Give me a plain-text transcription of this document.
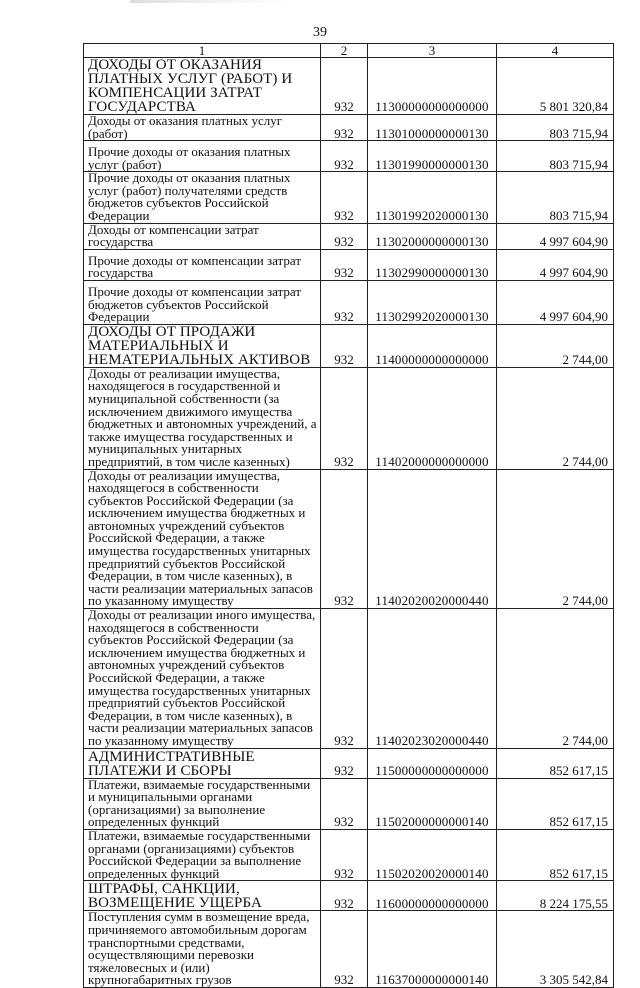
39
1	2	3	4
ДОХОДЫ ОТ ОКАЗАНИЯ ПЛАТНЫХ УСЛУГ (РАБОТ) И КОМПЕНСАЦИИ ЗАТРАТ ГОСУДАРСТВА	932	11300000000000000	5 801 320,84
Доходы от оказания платных услуг (работ)	932	11301000000000130	803 715,94
Прочие доходы от оказания платных услуг (работ)	932	11301990000000130	803 715,94
Прочие доходы от оказания платных услуг (работ) получателями средств бюджетов субъектов Российской Федерации	932	11301992020000130	803 715,94
Доходы от компенсации затрат государства	932	11302000000000130	4 997 604,90
Прочие доходы от компенсации затрат государства	932	11302990000000130	4 997 604,90
Прочие доходы от компенсации затрат бюджетов субъектов Российской Федерации	932	11302992020000130	4 997 604,90
ДОХОДЫ ОТ ПРОДАЖИ МАТЕРИАЛЬНЫХ И НЕМАТЕРИАЛЬНЫХ АКТИВОВ	932	11400000000000000	2 744,00
Доходы от реализации имущества, находящегося в государственной и муниципальной собственности (за исключением движимого имущества бюджетных и автономных учреждений, а также имущества государственных и муниципальных унитарных предприятий, в том числе казенных)	932	11402000000000000	2 744,00
Доходы от реализации имущества, находящегося в собственности субъектов Российской Федерации (за исключением имущества бюджетных и автономных учреждений субъектов Российской Федерации, а также имущества государственных унитарных предприятий субъектов Российской Федерации, в том числе казенных), в части реализации материальных запасов по указанному имуществу	932	11402020020000440	2 744,00
Доходы от реализации иного имущества, находящегося в собственности субъектов Российской Федерации (за исключением имущества бюджетных и автономных учреждений субъектов Российской Федерации, а также имущества государственных унитарных предприятий субъектов Российской Федерации, в том числе казенных), в части реализации материальных запасов по указанному имуществу	932	11402023020000440	2 744,00
АДМИНИСТРАТИВНЫЕ ПЛАТЕЖИ И СБОРЫ	932	11500000000000000	852 617,15
Платежи, взимаемые государственными и муниципальными органами (организациями) за выполнение определенных функций	932	11502000000000140	852 617,15
Платежи, взимаемые государственными органами (организациями) субъектов Российской Федерации за выполнение определенных функций	932	11502020020000140	852 617,15
ШТРАФЫ, САНКЦИИ, ВОЗМЕЩЕНИЕ УЩЕРБА	932	11600000000000000	8 224 175,55
Поступления сумм в возмещение вреда, причиняемого автомобильным дорогам транспортными средствами, осуществляющими перевозки тяжеловесных и (или) крупногабаритных грузов	932	11637000000000140	3 305 542,84
